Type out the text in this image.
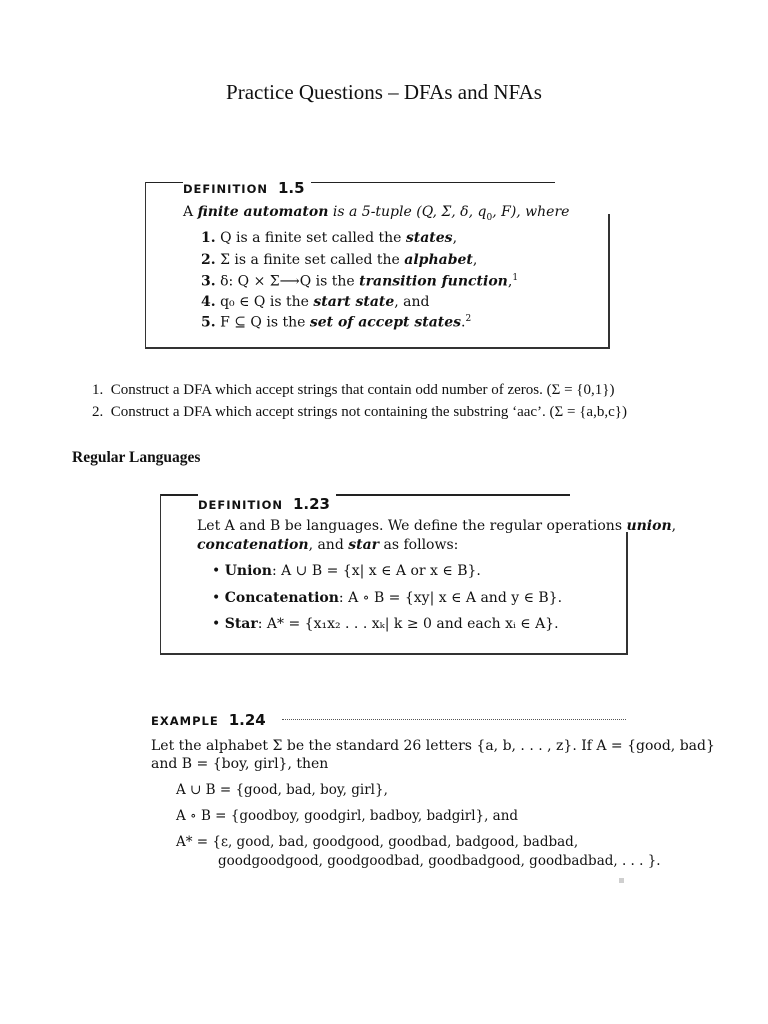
Practice Questions – DFAs and NFAs
DEFINITION 1.5
A finite automaton is a 5-tuple (Q, Σ, δ, $q_0$, F), where
1. Q is a finite set called the states,
2. Σ is a finite set called the alphabet,
3. δ: Q × Σ⟶Q is the transition function,$^1$
4. q₀ ∈ Q is the start state, and
5. F ⊆ Q is the set of accept states.$^2$
1. Construct a DFA which accept strings that contain odd number of zeros. (Σ = {0,1})
2. Construct a DFA which accept strings not containing the substring ‘aac’. (Σ = {a,b,c})
Regular Languages
DEFINITION 1.23
Let A and B be languages. We define the regular operations union,
concatenation, and star as follows:
• Union: A ∪ B = {x| x ∈ A or x ∈ B}.
• Concatenation: A ∘ B = {xy| x ∈ A and y ∈ B}.
• Star: A* = {x₁x₂ . . . xₖ| k ≥ 0 and each xᵢ ∈ A}.
EXAMPLE 1.24
Let the alphabet Σ be the standard 26 letters {a, b, . . . , z}. If A = {good, bad}
and B = {boy, girl}, then
A ∪ B = {good, bad, boy, girl},
A ∘ B = {goodboy, goodgirl, badboy, badgirl}, and
A* = {ε, good, bad, goodgood, goodbad, badgood, badbad,
goodgoodgood, goodgoodbad, goodbadgood, goodbadbad, . . . }.
